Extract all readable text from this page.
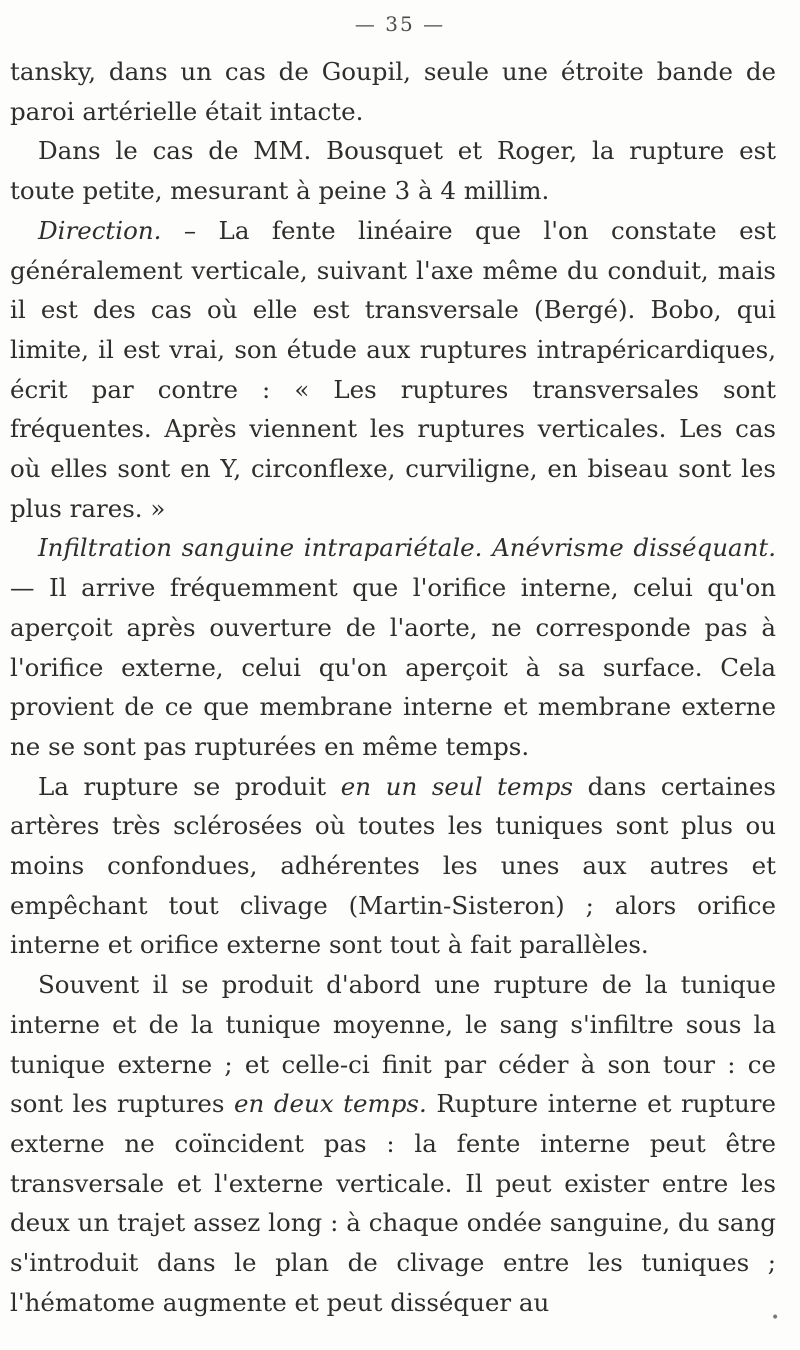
— 35 —

tansky, dans un cas de Goupil, seule une étroite bande de paroi artérielle était intacte.

Dans le cas de MM. Bousquet et Roger, la rupture est toute petite, mesurant à peine 3 à 4 millim.

Direction. – La fente linéaire que l'on constate est généralement verticale, suivant l'axe même du conduit, mais il est des cas où elle est transversale (Bergé). Bobo, qui limite, il est vrai, son étude aux ruptures intrapéricardiques, écrit par contre : « Les ruptures transversales sont fréquentes. Après viennent les ruptures verticales. Les cas où elles sont en Y, circonflexe, curviligne, en biseau sont les plus rares. »

Infiltration sanguine intrapariétale. Anévrisme disséquant. — Il arrive fréquemment que l'orifice interne, celui qu'on aperçoit après ouverture de l'aorte, ne corresponde pas à l'orifice externe, celui qu'on aperçoit à sa surface. Cela provient de ce que membrane interne et membrane externe ne se sont pas rupturées en même temps.

La rupture se produit en un seul temps dans certaines artères très sclérosées où toutes les tuniques sont plus ou moins confondues, adhérentes les unes aux autres et empêchant tout clivage (Martin-Sisteron) ; alors orifice interne et orifice externe sont tout à fait parallèles.

Souvent il se produit d'abord une rupture de la tunique interne et de la tunique moyenne, le sang s'infiltre sous la tunique externe ; et celle-ci finit par céder à son tour : ce sont les ruptures en deux temps. Rupture interne et rupture externe ne coïncident pas : la fente interne peut être transversale et l'externe verticale. Il peut exister entre les deux un trajet assez long : à chaque ondée sanguine, du sang s'introduit dans le plan de clivage entre les tuniques ; l'hématome augmente et peut disséquer au

•
